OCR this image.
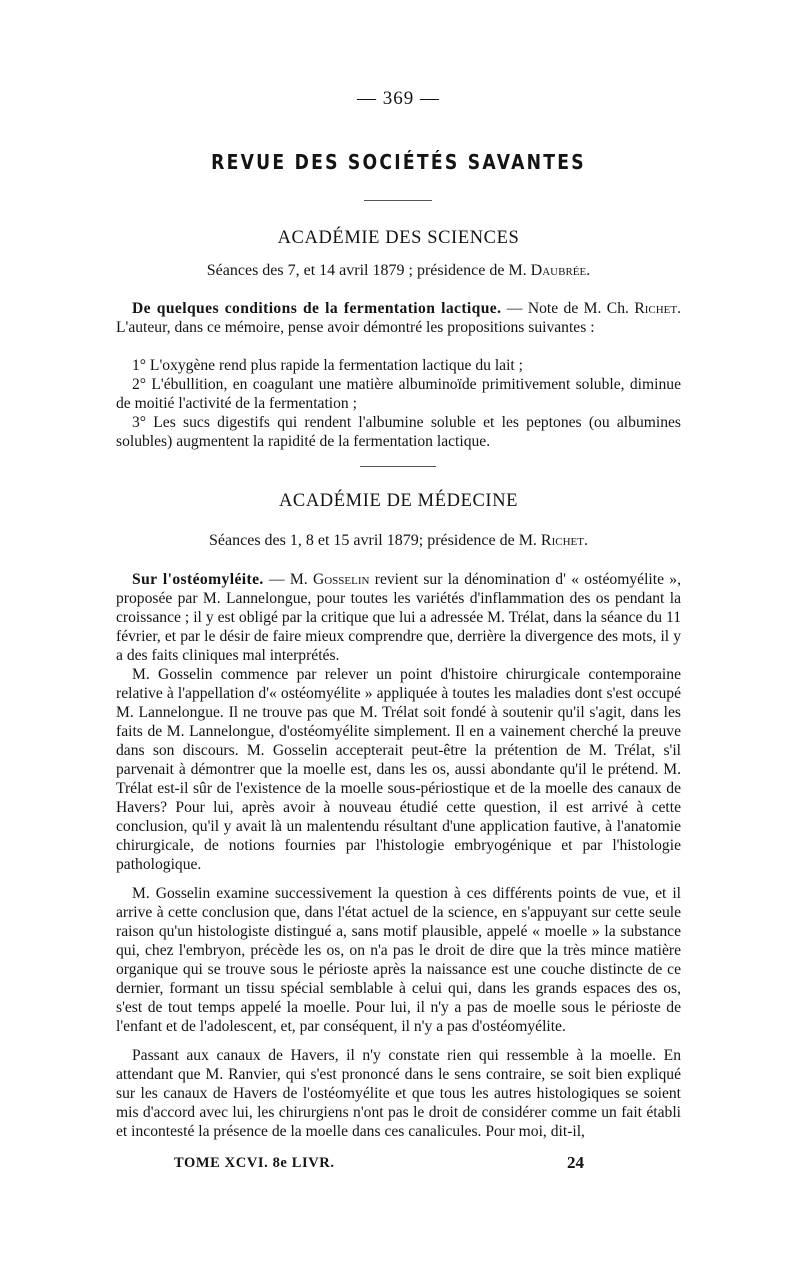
— 369 —
REVUE DES SOCIÉTÉS SAVANTES
ACADÉMIE DES SCIENCES
Séances des 7, et 14 avril 1879 ; présidence de M. Daubrée.

De quelques conditions de la fermentation lactique. — Note de M. Ch. Richet. L'auteur, dans ce mémoire, pense avoir démontré les propositions suivantes :

1° L'oxygène rend plus rapide la fermentation lactique du lait ;

2° L'ébullition, en coagulant une matière albuminoïde primitivement soluble, diminue de moitié l'activité de la fermentation ;

3° Les sucs digestifs qui rendent l'albumine soluble et les peptones (ou albumines solubles) augmentent la rapidité de la fermentation lactique.

ACADÉMIE DE MÉDECINE
Séances des 1, 8 et 15 avril 1879; présidence de M. Richet.

Sur l'ostéomyléite. — M. Gosselin revient sur la dénomination d' « ostéomyélite », proposée par M. Lannelongue, pour toutes les variétés d'inflammation des os pendant la croissance ; il y est obligé par la critique que lui a adressée M. Trélat, dans la séance du 11 février, et par le désir de faire mieux comprendre que, derrière la divergence des mots, il y a des faits cliniques mal interprétés.

M. Gosselin commence par relever un point d'histoire chirurgicale contemporaine relative à l'appellation d'« ostéomyélite » appliquée à toutes les maladies dont s'est occupé M. Lannelongue. Il ne trouve pas que M. Trélat soit fondé à soutenir qu'il s'agit, dans les faits de M. Lannelongue, d'ostéomyélite simplement. Il en a vainement cherché la preuve dans son discours. M. Gosselin accepterait peut-être la prétention de M. Trélat, s'il parvenait à démontrer que la moelle est, dans les os, aussi abondante qu'il le prétend. M. Trélat est-il sûr de l'existence de la moelle sous-périostique et de la moelle des canaux de Havers? Pour lui, après avoir à nouveau étudié cette question, il est arrivé à cette conclusion, qu'il y avait là un malentendu résultant d'une application fautive, à l'anatomie chirurgicale, de notions fournies par l'histologie embryogénique et par l'histologie pathologique.

M. Gosselin examine successivement la question à ces différents points de vue, et il arrive à cette conclusion que, dans l'état actuel de la science, en s'appuyant sur cette seule raison qu'un histologiste distingué a, sans motif plausible, appelé « moelle » la substance qui, chez l'embryon, précède les os, on n'a pas le droit de dire que la très mince matière organique qui se trouve sous le périoste après la naissance est une couche distincte de ce dernier, formant un tissu spécial semblable à celui qui, dans les grands espaces des os, s'est de tout temps appelé la moelle. Pour lui, il n'y a pas de moelle sous le périoste de l'enfant et de l'adolescent, et, par conséquent, il n'y a pas d'ostéomyélite.

Passant aux canaux de Havers, il n'y constate rien qui ressemble à la moelle. En attendant que M. Ranvier, qui s'est prononcé dans le sens contraire, se soit bien expliqué sur les canaux de Havers de l'ostéomyélite et que tous les autres histologiques se soient mis d'accord avec lui, les chirurgiens n'ont pas le droit de considérer comme un fait établi et incontesté la présence de la moelle dans ces canalicules. Pour moi, dit-il,

TOME XCVI. 8e LIVR.	24
